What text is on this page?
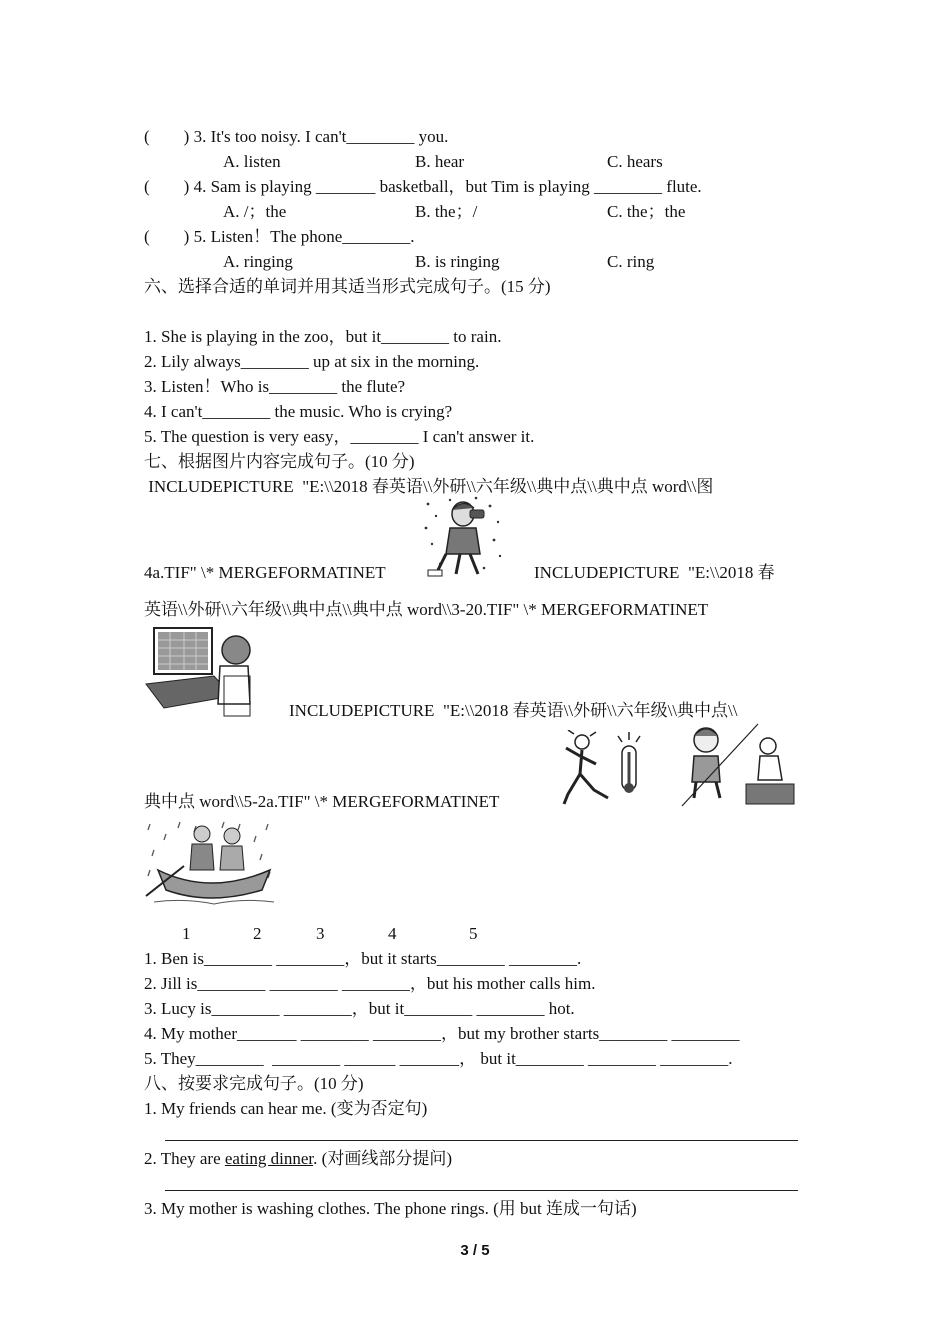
(　　) 3. It's too noisy. I can't________ you.
A. listen	B. hear	C. hears
(　　) 4. Sam is playing _______ basketball，but Tim is playing ________ flute.
A. /；the	B. the；/	C. the；the
(　　) 5. Listen！The phone________.
A. ringing	B. is ringing	C. ring
六、选择合适的单词并用其适当形式完成句子。(15 分)
1. She is playing in the zoo，but it________ to rain.
2. Lily always________ up at six in the morning.
3. Listen！Who is________ the flute?
4. I can't________ the music. Who is crying?
5. The question is very easy，________ I can't answer it.
七、根据图片内容完成句子。(10 分)
INCLUDEPICTURE  "E:\\2018 春英语\\外研\\六年级\\典中点\\典中点 word\\图
4a.TIF" \* MERGEFORMATINET	INCLUDEPICTURE  "E:\\2018 春
英语\\外研\\六年级\\典中点\\典中点 word\\3-20.TIF" \* MERGEFORMATINET
INCLUDEPICTURE  "E:\\2018 春英语\\外研\\六年级\\典中点\\
典中点 word\\5-2a.TIF" \* MERGEFORMATINET
1	2	3	4	5
1. Ben is________ ________，but it starts________ ________.
2. Jill is________ ________ ________，but his mother calls him.
3. Lucy is________ ________，but it________ ________ hot.
4. My mother_______ ________ ________，but my brother starts________ ________
5. They________  ________ ______ _______， but it________ ________ ________.
八、按要求完成句子。(10 分)
1. My friends can hear me. (变为否定句)
2. They are eating dinner. (对画线部分提问)
3. My mother is washing clothes. The phone rings. (用 but 连成一句话)
3 / 5
